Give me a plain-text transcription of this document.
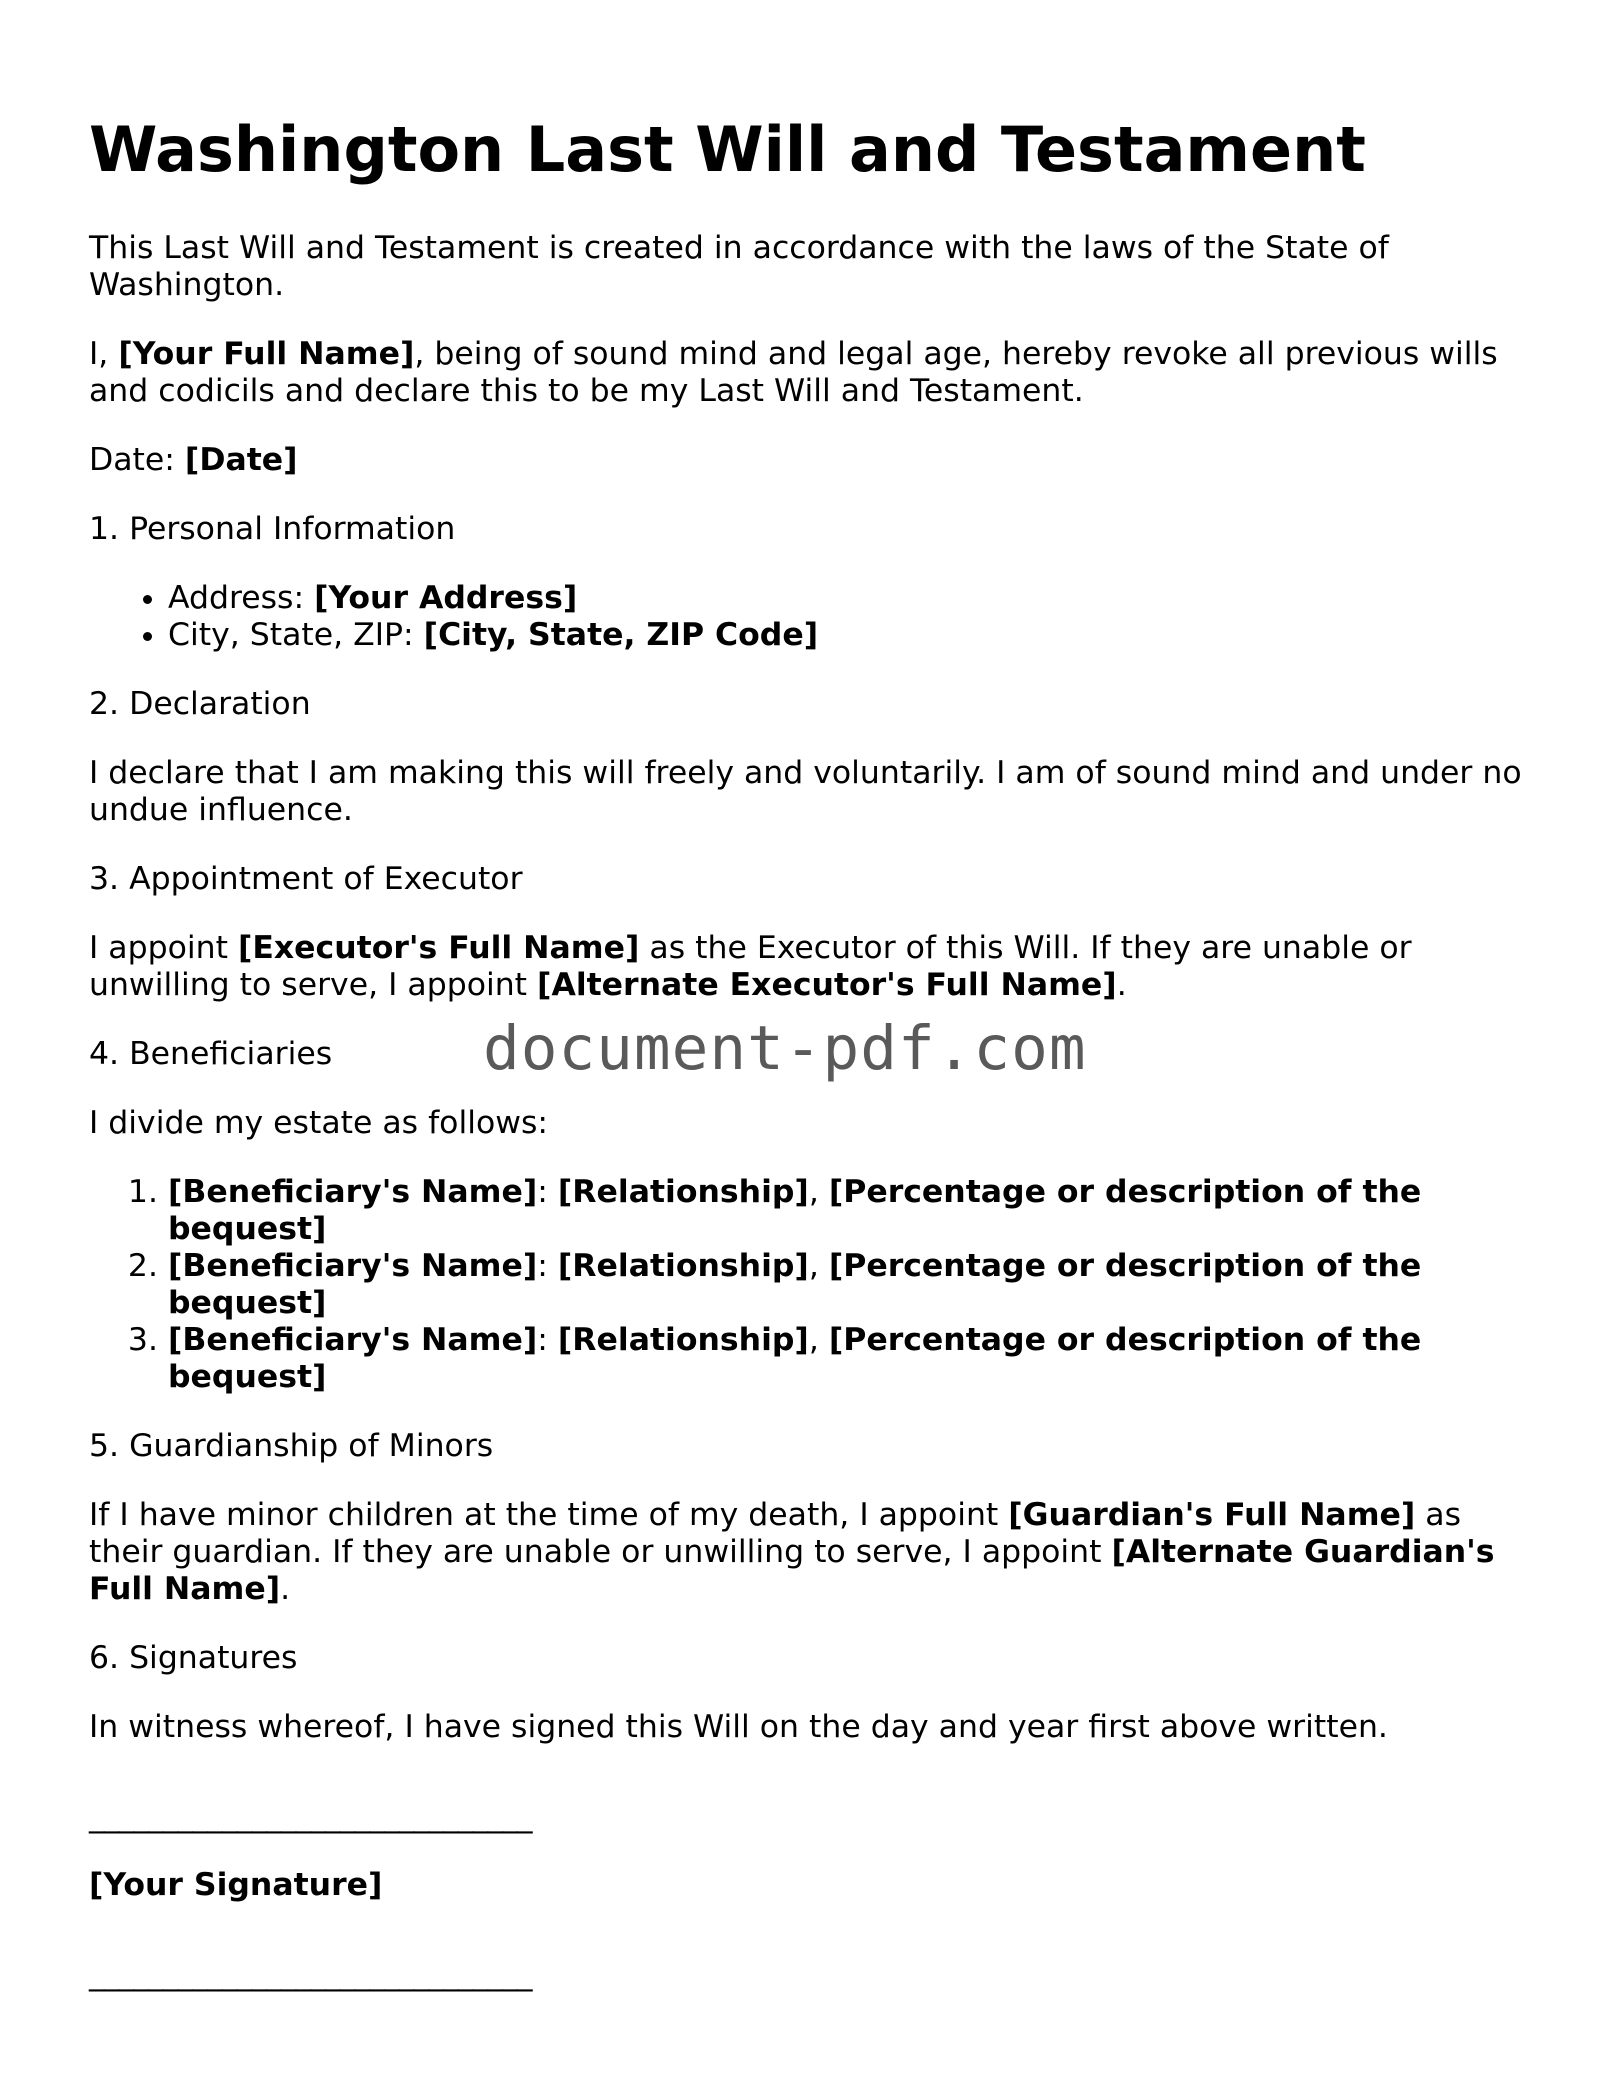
Washington Last Will and Testament

This Last Will and Testament is created in accordance with the laws of the State of Washington.

I, [Your Full Name], being of sound mind and legal age, hereby revoke all previous wills and codicils and declare this to be my Last Will and Testament.

Date: [Date]

1. Personal Information

• Address: [Your Address]
• City, State, ZIP: [City, State, ZIP Code]

2. Declaration

I declare that I am making this will freely and voluntarily. I am of sound mind and under no undue influence.

3. Appointment of Executor

I appoint [Executor's Full Name] as the Executor of this Will. If they are unable or unwilling to serve, I appoint [Alternate Executor's Full Name].

4. Beneficiaries

I divide my estate as follows:

1. [Beneficiary's Name]: [Relationship], [Percentage or description of the bequest]
2. [Beneficiary's Name]: [Relationship], [Percentage or description of the bequest]
3. [Beneficiary's Name]: [Relationship], [Percentage or description of the bequest]

5. Guardianship of Minors

If I have minor children at the time of my death, I appoint [Guardian's Full Name] as their guardian. If they are unable or unwilling to serve, I appoint [Alternate Guardian's Full Name].

6. Signatures

In witness whereof, I have signed this Will on the day and year first above written.

______________________________

[Your Signature]

______________________________

document-pdf.com
